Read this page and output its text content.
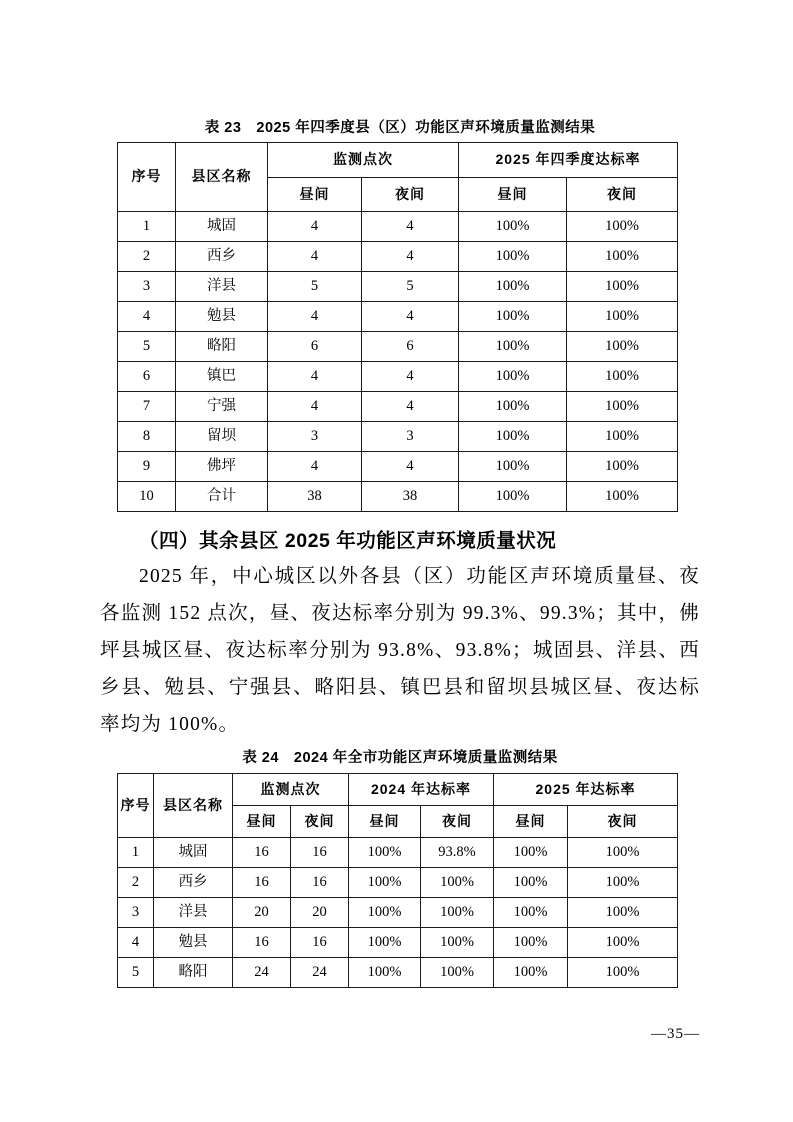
表 23　2025 年四季度县（区）功能区声环境质量监测结果
序号	县区名称	监测点次		2025 年四季度达标率	
		昼间	夜间	昼间	夜间
1	城固	4	4	100%	100%
2	西乡	4	4	100%	100%
3	洋县	5	5	100%	100%
4	勉县	4	4	100%	100%
5	略阳	6	6	100%	100%
6	镇巴	4	4	100%	100%
7	宁强	4	4	100%	100%
8	留坝	3	3	100%	100%
9	佛坪	4	4	100%	100%
10	合计	38	38	100%	100%
（四）其余县区 2025 年功能区声环境质量状况

2025 年，中心城区以外各县（区）功能区声环境质量昼、夜各监测 152 点次，昼、夜达标率分别为 99.3%、99.3%；其中，佛坪县城区昼、夜达标率分别为 93.8%、93.8%；城固县、洋县、西乡县、勉县、宁强县、略阳县、镇巴县和留坝县城区昼、夜达标率均为 100%。

表 24　2024 年全市功能区声环境质量监测结果
序号	县区名称	监测点次		2024 年达标率		2025 年达标率	
		昼间	夜间	昼间	夜间	昼间	夜间
1	城固	16	16	100%	93.8%	100%	100%
2	西乡	16	16	100%	100%	100%	100%
3	洋县	20	20	100%	100%	100%	100%
4	勉县	16	16	100%	100%	100%	100%
5	略阳	24	24	100%	100%	100%	100%
—35—
